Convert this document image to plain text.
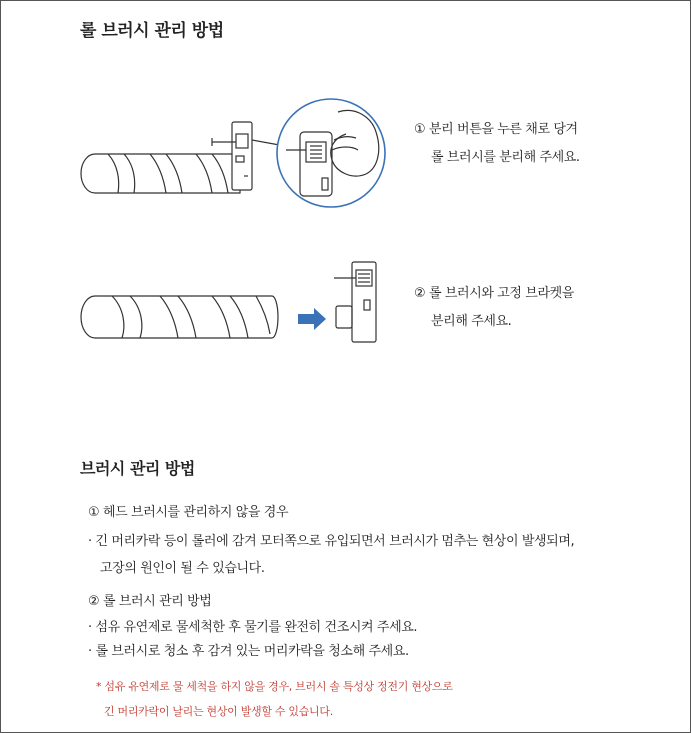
롤 브러시 관리 방법
① 분리 버튼을 누른 채로 당겨
롤 브러시를 분리해 주세요.
② 롤 브러시와 고정 브라켓을
분리해 주세요.
브러시 관리 방법
① 헤드 브러시를 관리하지 않을 경우
· 긴 머리카락 등이 롤러에 감겨 모터쪽으로 유입되면서 브러시가 멈추는 현상이 발생되며,
고장의 원인이 될 수 있습니다.
② 롤 브러시 관리 방법
· 섬유 유연제로 물세척한 후 물기를 완전히 건조시켜 주세요.
· 롤 브러시로 청소 후 감겨 있는 머리카락을 청소해 주세요.
* 섬유 유연제로 물 세척을 하지 않을 경우, 브러시 솔 특성상 정전기 현상으로
긴 머리카락이 날리는 현상이 발생할 수 있습니다.
